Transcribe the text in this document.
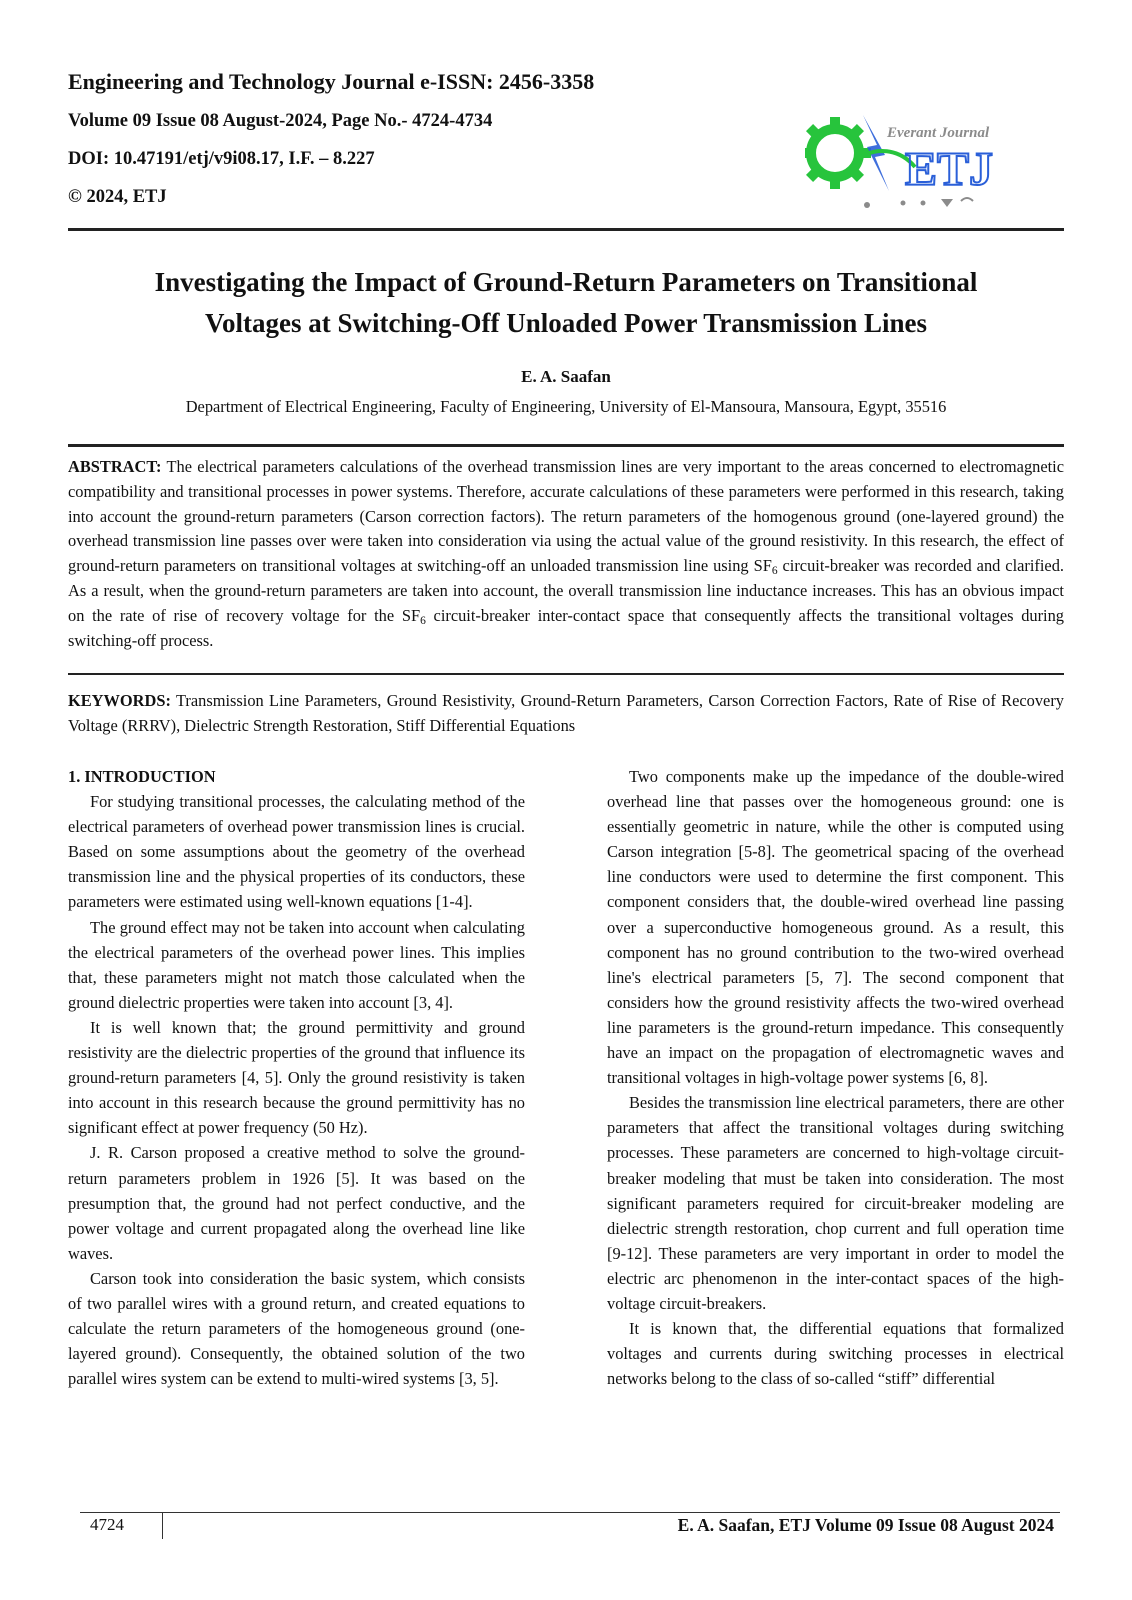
Engineering and Technology Journal e-ISSN: 2456-3358
Volume 09 Issue 08 August-2024, Page No.- 4724-4734
DOI: 10.47191/etj/v9i08.17, I.F. – 8.227
© 2024, ETJ
Everant Journal
ETJ
Investigating the Impact of Ground-Return Parameters on Transitional
Voltages at Switching-Off Unloaded Power Transmission Lines
E. A. Saafan
Department of Electrical Engineering, Faculty of Engineering, University of El-Mansoura, Mansoura, Egypt, 35516

ABSTRACT: The electrical parameters calculations of the overhead transmission lines are very important to the areas concerned to electromagnetic compatibility and transitional processes in power systems. Therefore, accurate calculations of these parameters were performed in this research, taking into account the ground-return parameters (Carson correction factors). The return parameters of the homogenous ground (one-layered ground) the overhead transmission line passes over were taken into consideration via using the actual value of the ground resistivity. In this research, the effect of ground-return parameters on transitional voltages at switching-off an unloaded transmission line using $SF_6$ circuit-breaker was recorded and clarified. As a result, when the ground-return parameters are taken into account, the overall transmission line inductance increases. This has an obvious impact on the rate of rise of recovery voltage for the $SF_6$ circuit-breaker inter-contact space that consequently affects the transitional voltages during switching-off process.

KEYWORDS: Transmission Line Parameters, Ground Resistivity, Ground-Return Parameters, Carson Correction Factors, Rate of Rise of Recovery Voltage (RRRV), Dielectric Strength Restoration, Stiff Differential Equations

1. INTRODUCTION

For studying transitional processes, the calculating method of the electrical parameters of overhead power transmission lines is crucial. Based on some assumptions about the geometry of the overhead transmission line and the physical properties of its conductors, these parameters were estimated using well-known equations [1-4].

The ground effect may not be taken into account when calculating the electrical parameters of the overhead power lines. This implies that, these parameters might not match those calculated when the ground dielectric properties were taken into account [3, 4].

It is well known that; the ground permittivity and ground resistivity are the dielectric properties of the ground that influence its ground-return parameters [4, 5]. Only the ground resistivity is taken into account in this research because the ground permittivity has no significant effect at power frequency (50 Hz).

J. R. Carson proposed a creative method to solve the ground-return parameters problem in 1926 [5]. It was based on the presumption that, the ground had not perfect conductive, and the power voltage and current propagated along the overhead line like waves.

Carson took into consideration the basic system, which consists of two parallel wires with a ground return, and created equations to calculate the return parameters of the homogeneous ground (one-layered ground). Consequently, the obtained solution of the two parallel wires system can be extend to multi-wired systems [3, 5].

Two components make up the impedance of the double-wired overhead line that passes over the homogeneous ground: one is essentially geometric in nature, while the other is computed using Carson integration [5-8]. The geometrical spacing of the overhead line conductors were used to determine the first component. This component considers that, the double-wired overhead line passing over a superconductive homogeneous ground. As a result, this component has no ground contribution to the two-wired overhead line's electrical parameters [5, 7]. The second component that considers how the ground resistivity affects the two-wired overhead line parameters is the ground-return impedance. This consequently have an impact on the propagation of electromagnetic waves and transitional voltages in high-voltage power systems [6, 8].

Besides the transmission line electrical parameters, there are other parameters that affect the transitional voltages during switching processes. These parameters are concerned to high-voltage circuit-breaker modeling that must be taken into consideration. The most significant parameters required for circuit-breaker modeling are dielectric strength restoration, chop current and full operation time [9-12]. These parameters are very important in order to model the electric arc phenomenon in the inter-contact spaces of the high-voltage circuit-breakers.

It is known that, the differential equations that formalized voltages and currents during switching processes in electrical networks belong to the class of so-called “stiff” differential

4724	E. A. Saafan, ETJ Volume 09 Issue 08 August 2024
